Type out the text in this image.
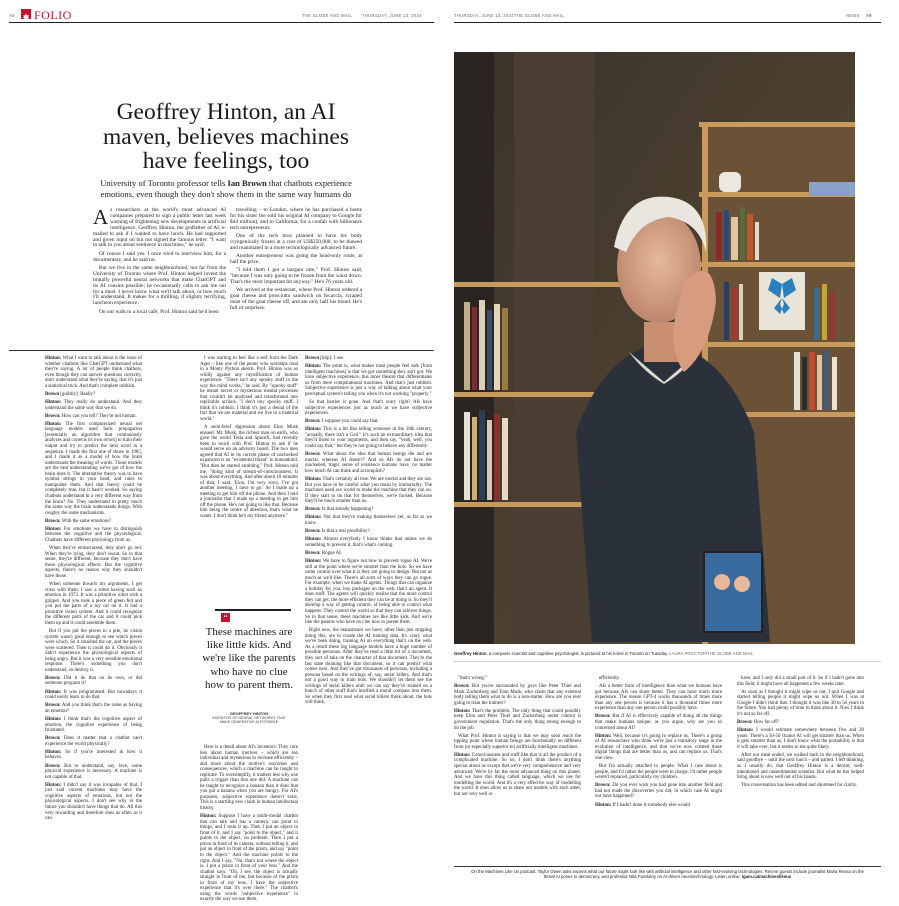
A8 FOLIO	THE GLOBE AND MAIL THURSDAY, JUNE 13, 2024	THURSDAY, JUNE 13, 2024 THE GLOBE AND MAIL	NEWS A9
Geoffrey Hinton, an AI maven, believes machines have feelings, too
University of Toronto professor tells Ian Brown that chatbots experience emotions, even though they don't show them in the same way humans do

As researchers at the world's most advanced AI companies prepared to sign a public letter last week warning of frightening new developments in artificial intelligence, Geoffrey Hinton, the godfather of AI, e-mailed to ask if I wanted to have lunch. He had supported and given input on but not signed the famous letter. "I want to talk to you about sentience in machines," he said.

Of course I said yes. I once tried to interview him, for a documentary, and he said no.

But we live in the same neighbourhood, not far from the University of Toronto where Prof. Hinton helped invent the brutally powerful neural networks that make ChatGPT and its AI cousins possible; he occasionally calls to ask me out for a meal. I never know what we'll talk about, or how much I'll understand. It makes for a thrilling, if slightly terrifying, luncheon experience.

On our walk to a local café, Prof. Hinton said he'd been

travelling – to London, where he has purchased a home for his sister (he sold his original AI company to Google for $44 million), and to California, for a confab with billionaire tech entrepreneurs.

One of the tech bros planned to have his body cryogenically frozen at a cost of US$250,000, to be thawed and reanimated in a more technologically advanced future.

Another entrepreneur was going the head-only route, at half the price.

"I told them I got a bargain rate," Prof. Hinton said, "because I was only going to be frozen from the waist down. That's the most important bit anyway." He's 76 years old.

We arrived at the restaurant, where Prof. Hinton ordered a goat cheese and prosciutto sandwich on focaccia, scraped most of the goat cheese off, and ate only half his bread. He's full of surprises.

Hinton: What I want to talk about is the issue of whether chatbots like ChatGPT understand what they're saying. A lot of people think chatbots, even though they can answer questions correctly, don't understand what they're saying, that it's just a statistical trick. And that's complete rubbish.

Brown [guiltily]: Really?

Hinton: They really do understand. And they understand the same way that we do.

Brown: How can you tell? They're not human.

Hinton: The first computerized neural net language models used back propagation [essentially an algorithm that continuously analyzes and corrects its own errors] to train their output and try to predict the next word in a sequence. I made the first one of those in 1985, and I made it as a model of how the brain understands the meaning of words. Those models are the best understanding we've got of how the brain does it. The alternative theory was to have symbol strings in your head, and rules to manipulate them. And that theory could be completely true, but it hasn't worked. So saying chatbots understand in a very different way from the brain? No. They understand in pretty much the same way the brain understands things. With roughly the same mechanisms.

Brown: With the same emotions?

Hinton: For emotions we have to distinguish between the cognitive and the physiological. Chatbots have different physiology from us.

When they're embarrassed, they don't go red. When they're lying, they don't sweat. So in that sense, they're different, because they don't have those physiological effects. But the cognitive aspects, there's no reason why they shouldn't have those.

When someone thwarts my arguments, I get cross with them. I saw a robot having such an emotion in 1973. It was a primitive robot with a gripper. And you took a piece of green felt and you put the parts of a toy car on it. It had a primitive vision system. And it could recognize the different parts of the car and it could pick them up and it could assemble them.

But if you put the pieces in a pile, its vision system wasn't good enough to see which pieces were which. So it smashed the car, and the pieces were scattered. Then it could do it. Obviously it didn't experience the physiological aspects of being angry. But it was a very sensible emotional response. There's something you don't understand, so destroy it.

Brown: Did it do that on its own, or did someone program it?

Hinton: It was programmed. But nowadays it could easily learn to do that.

Brown: And you think that's the same as having an emotion?

Hinton: I think that's the cognitive aspect of emotion, the cognitive experience of being frustrated.

Brown: Does it matter that a chatbot can't experience the world physically?

Hinton: So if you're interested in how it behaves.

Brown: But to understand, say, love, some physical experience is necessary. A machine is not capable of that.

Hinton: I didn't say it was incapable of that. I just said current machines may have the cognitive aspects of emotions, but not the physiological aspects. I don't see why in the future you shouldn't have things that do. All this very rewarding and therefore does as often as it can.

I was starting to feel like a serf from the Dark Ages – like one of the peons who worships mud in a Monty Python sketch. Prof. Hinton was so wildly against any mystification of human experience. "There isn't any spooky stuff in the way the mind works," he said. By "spooky stuff" he meant secret or mysterious mental processes that couldn't be analyzed and transformed into replicable actions. "I don't buy spooky stuff. I think it's rubbish. I think it's just a denial of the fact that we are material and we live in a material world."

A semi-brief digression about Elon Musk ensued. Mr. Musk, the richest man on earth, who gave the world Tesla and SpaceX, had recently been in touch with Prof. Hinton to ask if he would serve on an advisory board. The two men agreed that AI in its current phase of unchecked expansion is an "existential threat" to humankind. "But then he started rambling," Prof. Hinton told me, "doing kind of stream-of-consciousness. It was about everything. And after about 10 minutes of that, I said, 'Elon, I'm very sorry, I've got another meeting, I have to go.' So I made up a meeting to get him off the phone. And then I told a journalist that I made up a meeting to get him off the phone. He's not going to like that. Because him being the centre of attention, that's what he wants. I don't think he's my friend anymore."

“
These machines are like little kids. And we're like the parents who have no clue how to parent them.
GEOFFREY HINTON
INVENTOR OF NEURAL NETWORKS THAT MAKE GENERATIVE AI POSSIBLE

Here is a detail about AI's inventors: They care less about human motives – which are too individual and mysterious to recreate efficiently – and more about the motive's outcomes and consequences, which a machine can be taught to replicate. To oversimplify, it matters less why one pulls a trigger than that one did. A machine can be taught to recognize a banana than it does that you put a banana when you are hungry. For AI's purposes, subjective experience doesn't exist. This is a startling new claim in human intellectual history.

Hinton: Suppose I have a multi-modal chatbot that can talk and has a camera, can point to things, and I train it up. Then I put an object in front of it, and I say "point to the object," and it points to the object, no problem. Then I put a prism in front of its camera, without telling it, and put an object in front of the prism, and say "point to the object." And the machine points to the right. And I say, "No, that's not where the object is. I put a prism in front of your lens." And the chatbot says, "Oh, I see, the object is actually straight in front of me, but because of the prism in front of my lens, I have the subjective experience that it's over there." The chatbot's using the words "subjective experience" in exactly the way we use them.

Brown [blip]: I see.

Hinton: The point is, what makes most people feel safe [from intelligent machines] is that we got something they ain't got. We have subjective experience, this inner theatre that differentiates us from mere computational machines. And that's just rubbish. Subjective experience is just a way of talking about what your perceptual system's telling you when it's not working "properly."

So that barrier is gone. And that's scary right? AIs have subjective experiences just as much as we have subjective experiences.

Brown: I suppose you could say that.

Hinton: This is a bit like telling someone in the 16th century, "actually, there isn't a God." It's such an extraordinary idea that they'll listen to your arguments, and then say, "yeah, well, you could say that," but they're not going to behave any differently.

Brown: What about the idea that human beings die and are mortal, whereas AI doesn't? And so AIs do not have the quickened, tragic sense of existence humans have, no matter how much AI can think and accomplish?

Hinton: That's certainly all true. We are mortal and they are not. But you have to be careful what you mean by immortality. The machines need our world to make the machine that they run on. If they start to do that for themselves, we're fucked. Because they'll be much smarter than us.

Brown: Is that already happening?

Hinton: Not that they're making themselves yet, as far as we know.

Brown: Is that a real possibility?

Hinton: Almost everybody I know thinks that unless we do something to prevent it, that's what's coming.

Brown: Rogue AI.

Hinton: We have to figure out how to prevent rogue AI. We're still at the point where we're smarter than the bots. So we have some control over what it is they are going to design. But not as much as we'd like. There's all sorts of ways they can go rogue. For example, when we make AI agents. Things that can organize a holiday for you, buy packages on the web, that's an agent. It does stuff. The agents will quickly realize that the more control they can get, the more efficient they can be at doing it. So they'll develop a way of getting control, of being able to control what happens. They control the world so that they can achieve things. So in that sense, these machines are like little kids. And we're like the parents who have no clue how to parent them.

Right now, the mainstream we have, other than just stopping doing this, are to curate the AI training data. It's crazy what we've been doing, training AI on everything that's on the web. As a result these big language models have a huge number of possible personas. After they've read a little bit of a document, they sort of take on the character of that document. They're the last state thinking like that document, so it can predict what comes next. And they've got thousands of personas, including a persona based on the writings of, say, serial killers. And that's not a good way to train bots. We shouldn't let them see the writings of serial killers until we can say they've trained on a bunch of other stuff that's instilled a moral compass into them. So when they first read what serial killers think about, the bots will think,

Geoffrey Hinton, a computer scientist and cognitive psychologist, is pictured at his home in Toronto on Tuesday. LAURA PROCTOR/THE GLOBE AND MAIL

"that's wrong."

Brown: But you're surrounded by guys like Peter Thiel and Mark Zuckerberg and Elon Musk, who claim that any external body telling them what to do is a non-starter. How are you ever going to train the trainers?

Hinton: That's the problem. The only thing that could possibly keep Elon and Peter Thiel and Zuckerberg under control is government regulation. That's the only thing strong enough to do the job.

What Prof. Hinton is saying is that we may soon reach the tipping point where human beings are functionally no different from (or especially superior to) artificially intelligent machines.

Hinton: Consciousness and stuff like that is all the product of a complicated machine. So no, I don't think there's anything special about us except that we're very comprehensive and very advanced. We're by far the most advanced thing on this planet. And we have this thing called language, which we use for modelling the world. And it's a very effective way of modelling the world. It does allow us to share our models with each other, but not very well or

efficiently.

AIs a better form of intelligence than what we humans have got because AIs can share better. They can have much more experience. The reason GPT-4 works thousands of times more than any one person is because it has a thousand times more experience than any one person could possibly have.

Brown: But if AI is effectively capable of doing all the things that make humans unique, as you argue, why are you so concerned about AI?

Hinton: Well, because it's going to replace us. There's a group of AI researchers who think we're just a transitory stage in the evolution of intelligence, and that we've now created these digital things that are better than us, and can replace us. That's one view.

But I'm actually attached to people. What I care about is people, and I'd rather the people were in charge. I'd rather people weren't replaced, particularly my children.

Brown: Do you ever wish you had gone into another field and had not made the discoveries you did, in which case AI might not have happened?

Hinton: If I hadn't done it somebody else would

have, and I only did a small part of it. So if I hadn't gone into this field, it might have all happened a few weeks later.

As soon as I thought it might wipe us out, I quit Google and started telling people it might wipe us out. When I was at Google I didn't think that. I thought it was like 30 to 50 years in the future. You had plenty of time to think about it. Now I think it's not so far off.

Brown: How far off?

Hinton: I would estimate somewhere between five and 20 years. There's a 50-50 chance AI will get smarter than us. When it gets smarter than us, I don't know what the probability is that it will take over, but it seems to me quite likely.

After our meal ended, we walked back to the neighbourhood, said goodbye – until the next lunch – and parted. I left thinking, as I usually do, that Geoffrey Hinton is a decent, well-intentioned and unsentimental scientist. But what he has helped bring about is now well out of his hands.

This conversation has been edited and shortened for clarity.

On the Machines Like Us podcast, Taylor Owen asks experts what our future might look like with artificial intelligence and other fast-evolving technologies. Recent guests include journalist Maria Ressa on the threat AI poses to democracy, and professor Nita Farahany on AI-driven neurotechnology. Listen online: tgam.ca/machineslikeus
